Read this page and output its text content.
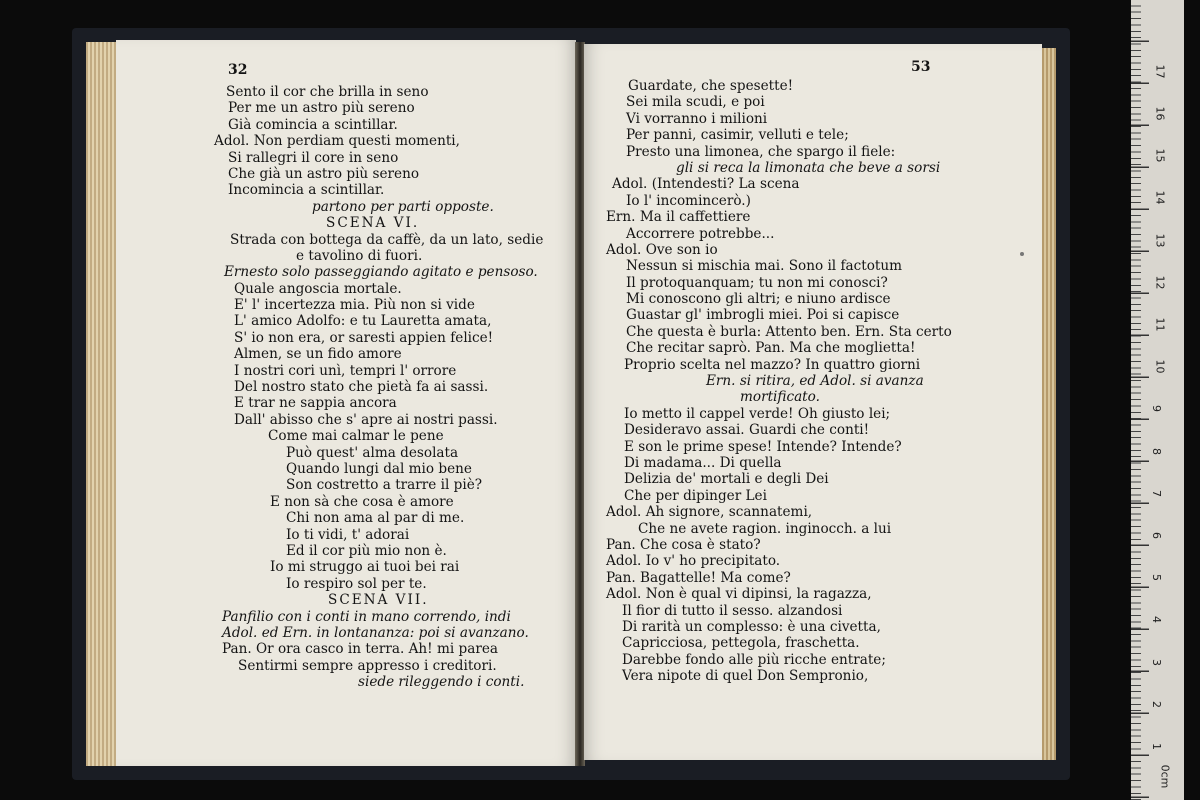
32
Sento il cor che brilla in seno
Per me un astro più sereno
Già comincia a scintillar.
Adol. Non perdiam questi momenti,
Si rallegri il core in seno
Che già un astro più sereno
Incomincia a scintillar.
partono per parti opposte.
SCENA VI.
Strada con bottega da caffè, da un lato, sedie
e tavolino di fuori.
Ernesto solo passeggiando agitato e pensoso.
Quale angoscia mortale.
E' l' incertezza mia. Più non si vide
L' amico Adolfo: e tu Lauretta amata,
S' io non era, or saresti appien felice!
Almen, se un fido amore
I nostri cori unì, tempri l' orrore
Del nostro stato che pietà fa ai sassi.
E trar ne sappia ancora
Dall' abisso che s' apre ai nostri passi.
Come mai calmar le pene
Può quest' alma desolata
Quando lungi dal mio bene
Son costretto a trarre il piè?
E non sà che cosa è amore
Chi non ama al par di me.
Io ti vidi, t' adorai
Ed il cor più mio non è.
Io mi struggo ai tuoi bei rai
Io respiro sol per te.
SCENA VII.
Panfilio con i conti in mano correndo, indi
Adol. ed Ern. in lontananza: poi si avanzano.
Pan. Or ora casco in terra. Ah! mi parea
Sentirmi sempre appresso i creditori.
siede rileggendo i conti.
53
Guardate, che spesette!
Sei mila scudi, e poi
Vi vorranno i milioni
Per panni, casimir, velluti e tele;
Presto una limonea, che spargo il fiele:
gli si reca la limonata che beve a sorsi
Adol. (Intendesti? La scena
Io l' incomincerò.)
Ern. Ma il caffettiere
Accorrere potrebbe...
Adol. Ove son io
Nessun si mischia mai. Sono il factotum
Il protoquanquam; tu non mi conosci?
Mi conoscono gli altri; e niuno ardisce
Guastar gl' imbrogli miei. Poi si capisce
Che questa è burla: Attento ben. Ern. Sta certo
Che recitar saprò. Pan. Ma che moglietta!
Proprio scelta nel mazzo? In quattro giorni
Ern. si ritira, ed Adol. si avanza
mortificato.
Io metto il cappel verde! Oh giusto lei;
Desideravo assai. Guardi che conti!
E son le prime spese! Intende? Intende?
Di madama... Di quella
Delizia de' mortali e degli Dei
Che per dipinger Lei
Adol. Ah signore, scannatemi,
Che ne avete ragion. inginocch. a lui
Pan. Che cosa è stato?
Adol. Io v' ho precipitato.
Pan. Bagattelle! Ma come?
Adol. Non è qual vi dipinsi, la ragazza,
Il fior di tutto il sesso. alzandosi
Di rarità un complesso: è una civetta,
Capricciosa, pettegola, fraschetta.
Darebbe fondo alle più ricche entrate;
Vera nipote di quel Don Sempronio,
0cm
1
2
3
4
5
6
7
8
9
10
11
12
13
14
15
16
17
